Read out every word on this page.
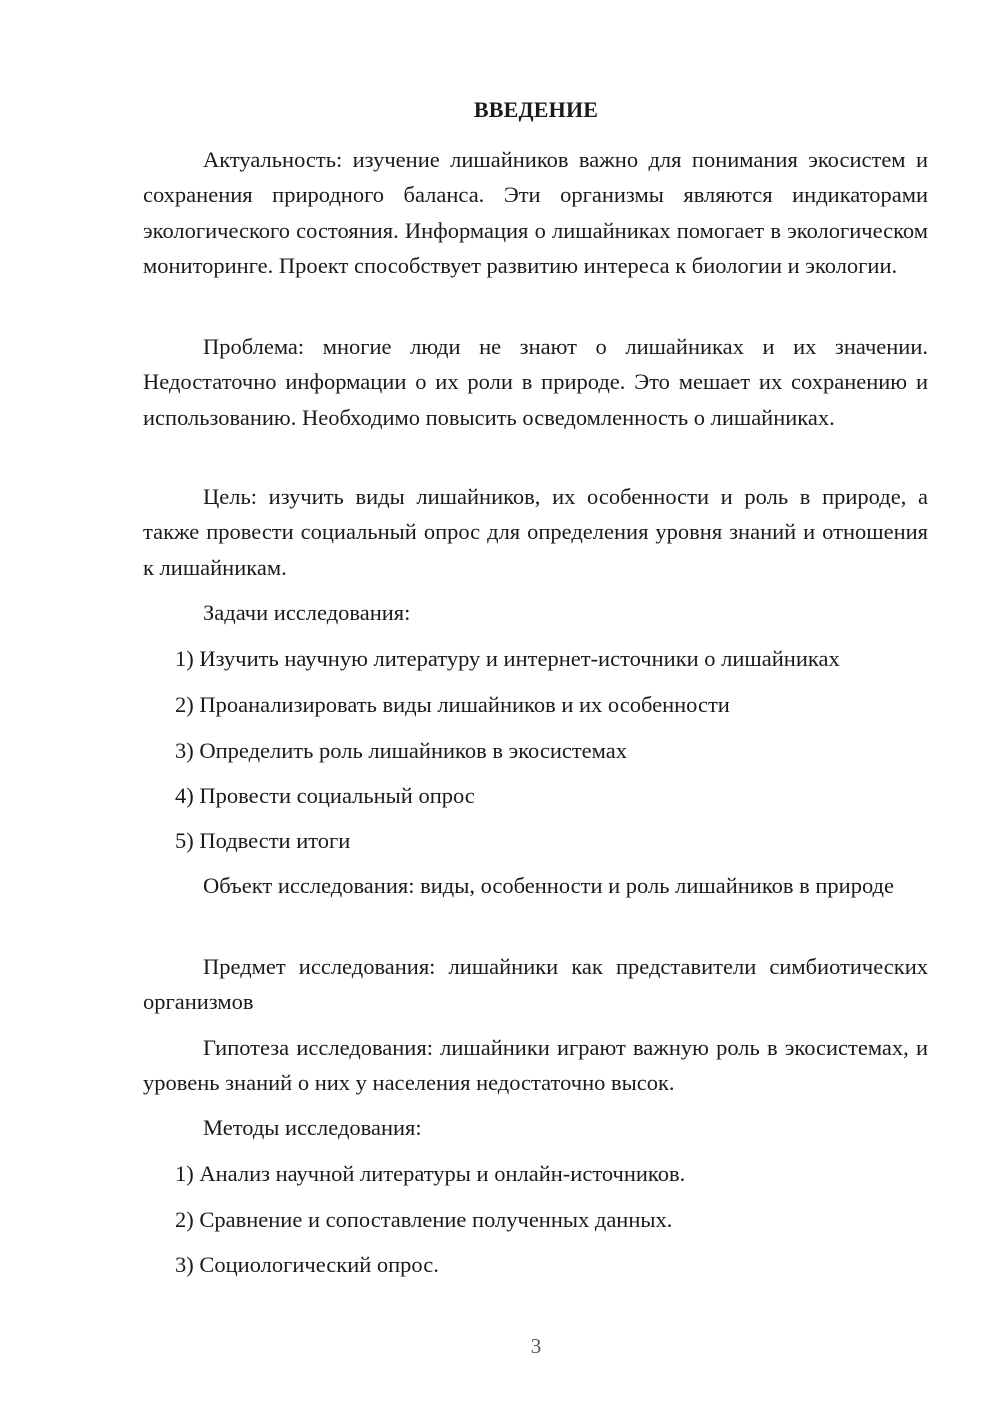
ВВЕДЕНИЕ

Актуальность: изучение лишайников важно для понимания экосистем и сохранения природного баланса. Эти организмы являются индикаторами экологического состояния. Информация о лишайниках помогает в экологическом мониторинге. Проект способствует развитию интереса к биологии и экологии.

Проблема: многие люди не знают о лишайниках и их значении. Недостаточно информации о их роли в природе. Это мешает их сохранению и использованию. Необходимо повысить осведомленность о лишайниках.

Цель: изучить виды лишайников, их особенности и роль в природе, а также провести социальный опрос для определения уровня знаний и отношения к лишайникам.

Задачи исследования:

1) Изучить научную литературу и интернет-источники о лишайниках

2) Проанализировать виды лишайников и их особенности

3) Определить роль лишайников в экосистемах

4) Провести социальный опрос

5) Подвести итоги

Объект исследования: виды, особенности и роль лишайников в природе

Предмет исследования: лишайники как представители симбиотических организмов

Гипотеза исследования: лишайники играют важную роль в экосистемах, и уровень знаний о них у населения недостаточно высок.

Методы исследования:

1) Анализ научной литературы и онлайн-источников.

2) Сравнение и сопоставление полученных данных.

3) Социологический опрос.

3
